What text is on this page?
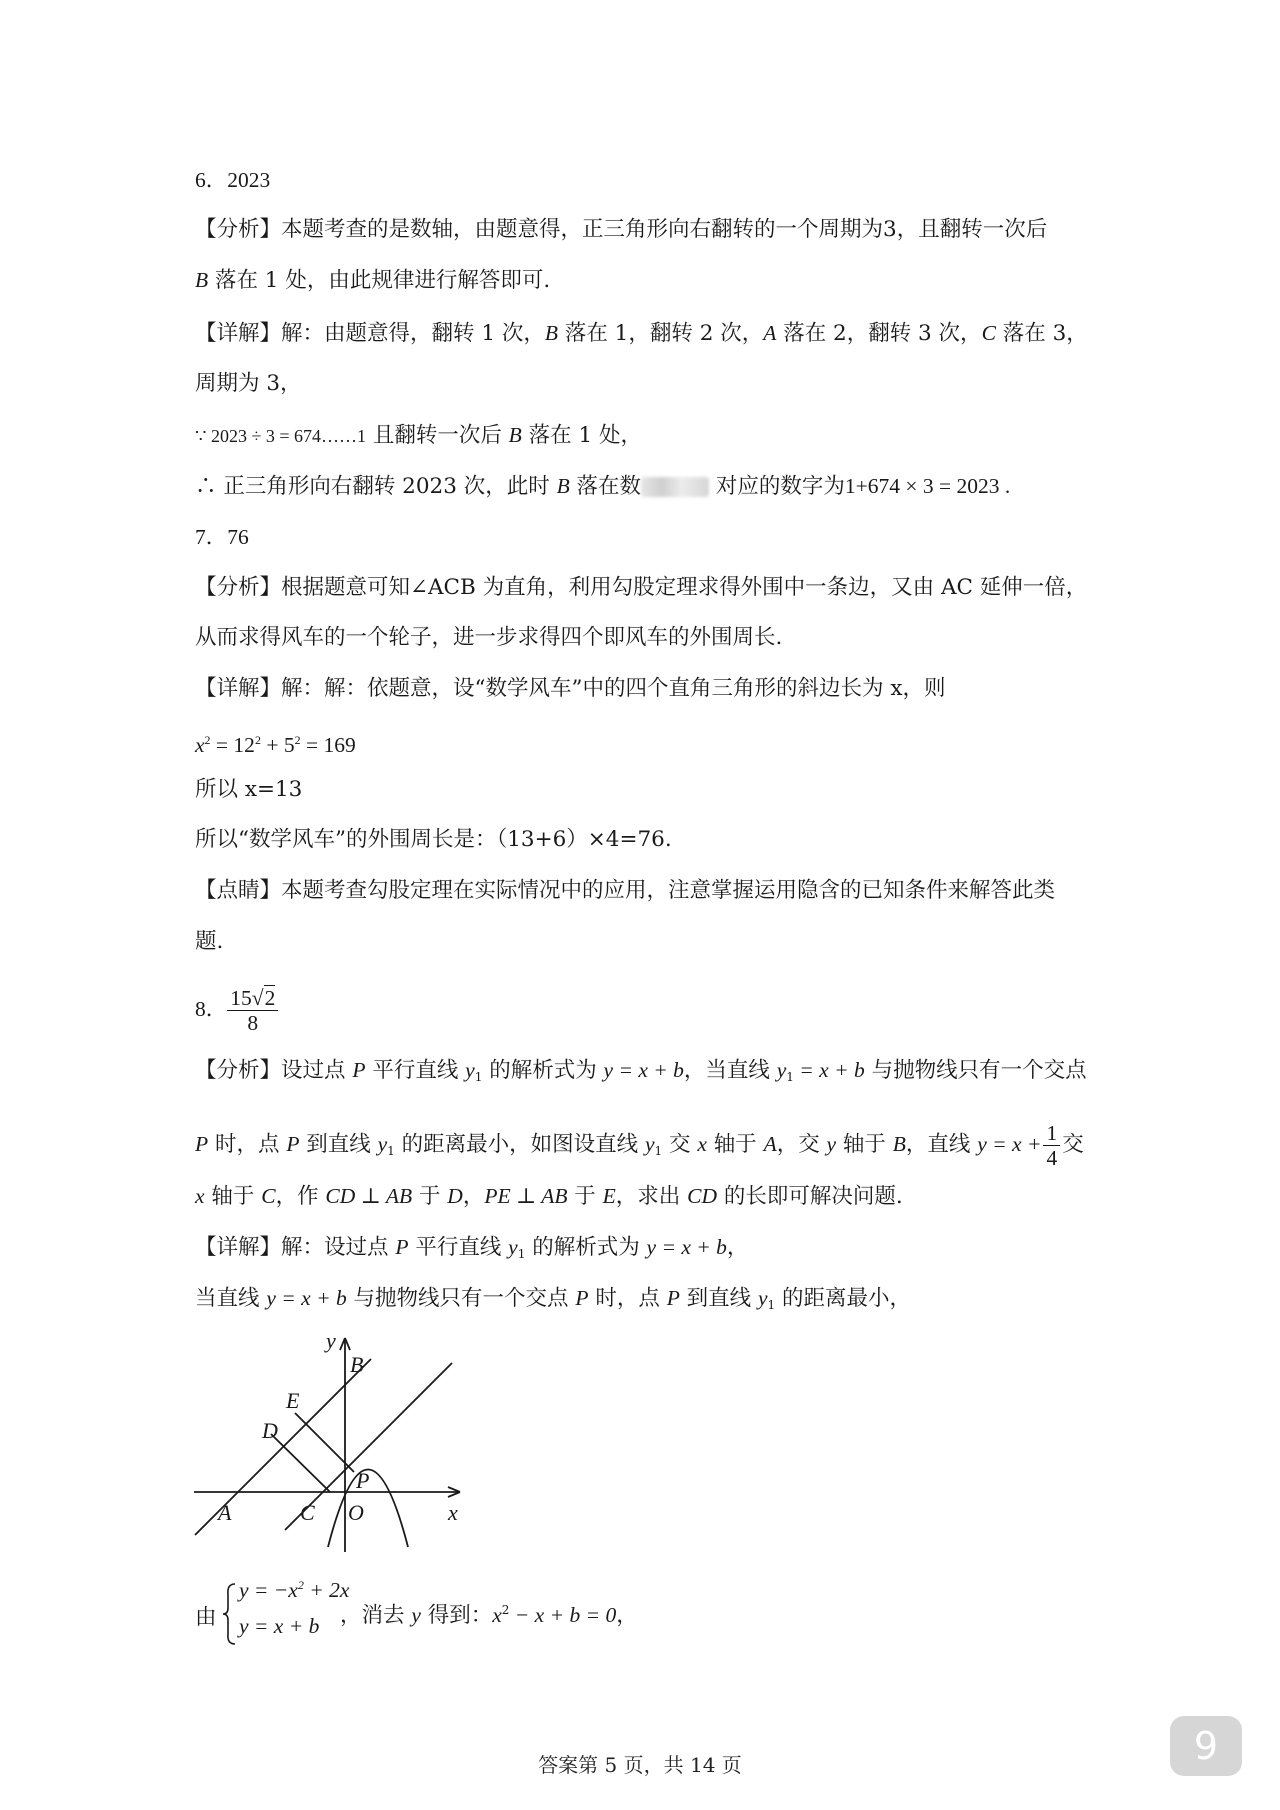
6．2023
【分析】本题考查的是数轴，由题意得，正三角形向右翻转的一个周期为3，且翻转一次后
B 落在 1 处，由此规律进行解答即可.
【详解】解：由题意得，翻转 1 次，B 落在 1，翻转 2 次，A 落在 2，翻转 3 次，C 落在 3，
周期为 3，
∵ 2023 ÷ 3 = 674……1 且翻转一次后 B 落在 1 处，
∴ 正三角形向右翻转 2023 次，此时 B 落在数	对应的数字为1+674 × 3 = 2023 .
7．76
【分析】根据题意可知∠ACB 为直角，利用勾股定理求得外围中一条边，又由 AC 延伸一倍，
从而求得风车的一个轮子，进一步求得四个即风车的外围周长.
【详解】解：解：依题意，设“数学风车”中的四个直角三角形的斜边长为 x，则
$x^2 = 12^2 + 5^2 = 169$
所以 x=13
所以“数学风车”的外围周长是：（13+6）×4=76.
【点睛】本题考查勾股定理在实际情况中的应用，注意掌握运用隐含的已知条件来解答此类
题.
8． $\frac{15√2}{8}$
【分析】设过点 P 平行直线 $y_1$ 的解析式为 y = x + b，当直线 $y_1 = x + b$ 与抛物线只有一个交点
P 时，点 P 到直线 $y_1$ 的距离最小，如图设直线 $y_1$ 交 x 轴于 A，交 y 轴于 B，直线 $y = x + \frac{1}{4}$ 交
x 轴于 C，作 CD ⊥ AB 于 D，PE ⊥ AB 于 E，求出 CD 的长即可解决问题.
【详解】解：设过点 P 平行直线 $y_1$ 的解析式为 y = x + b，
当直线 y = x + b 与抛物线只有一个交点 P 时，点 P 到直线 $y_1$ 的距离最小，
y
x
B
E
D
P
A	C O
由
$y = -x^2 + 2x$
y = x + b ，消去 y 得到：$x^2 - x + b = 0$，
答案第 5 页，共 14 页	9
